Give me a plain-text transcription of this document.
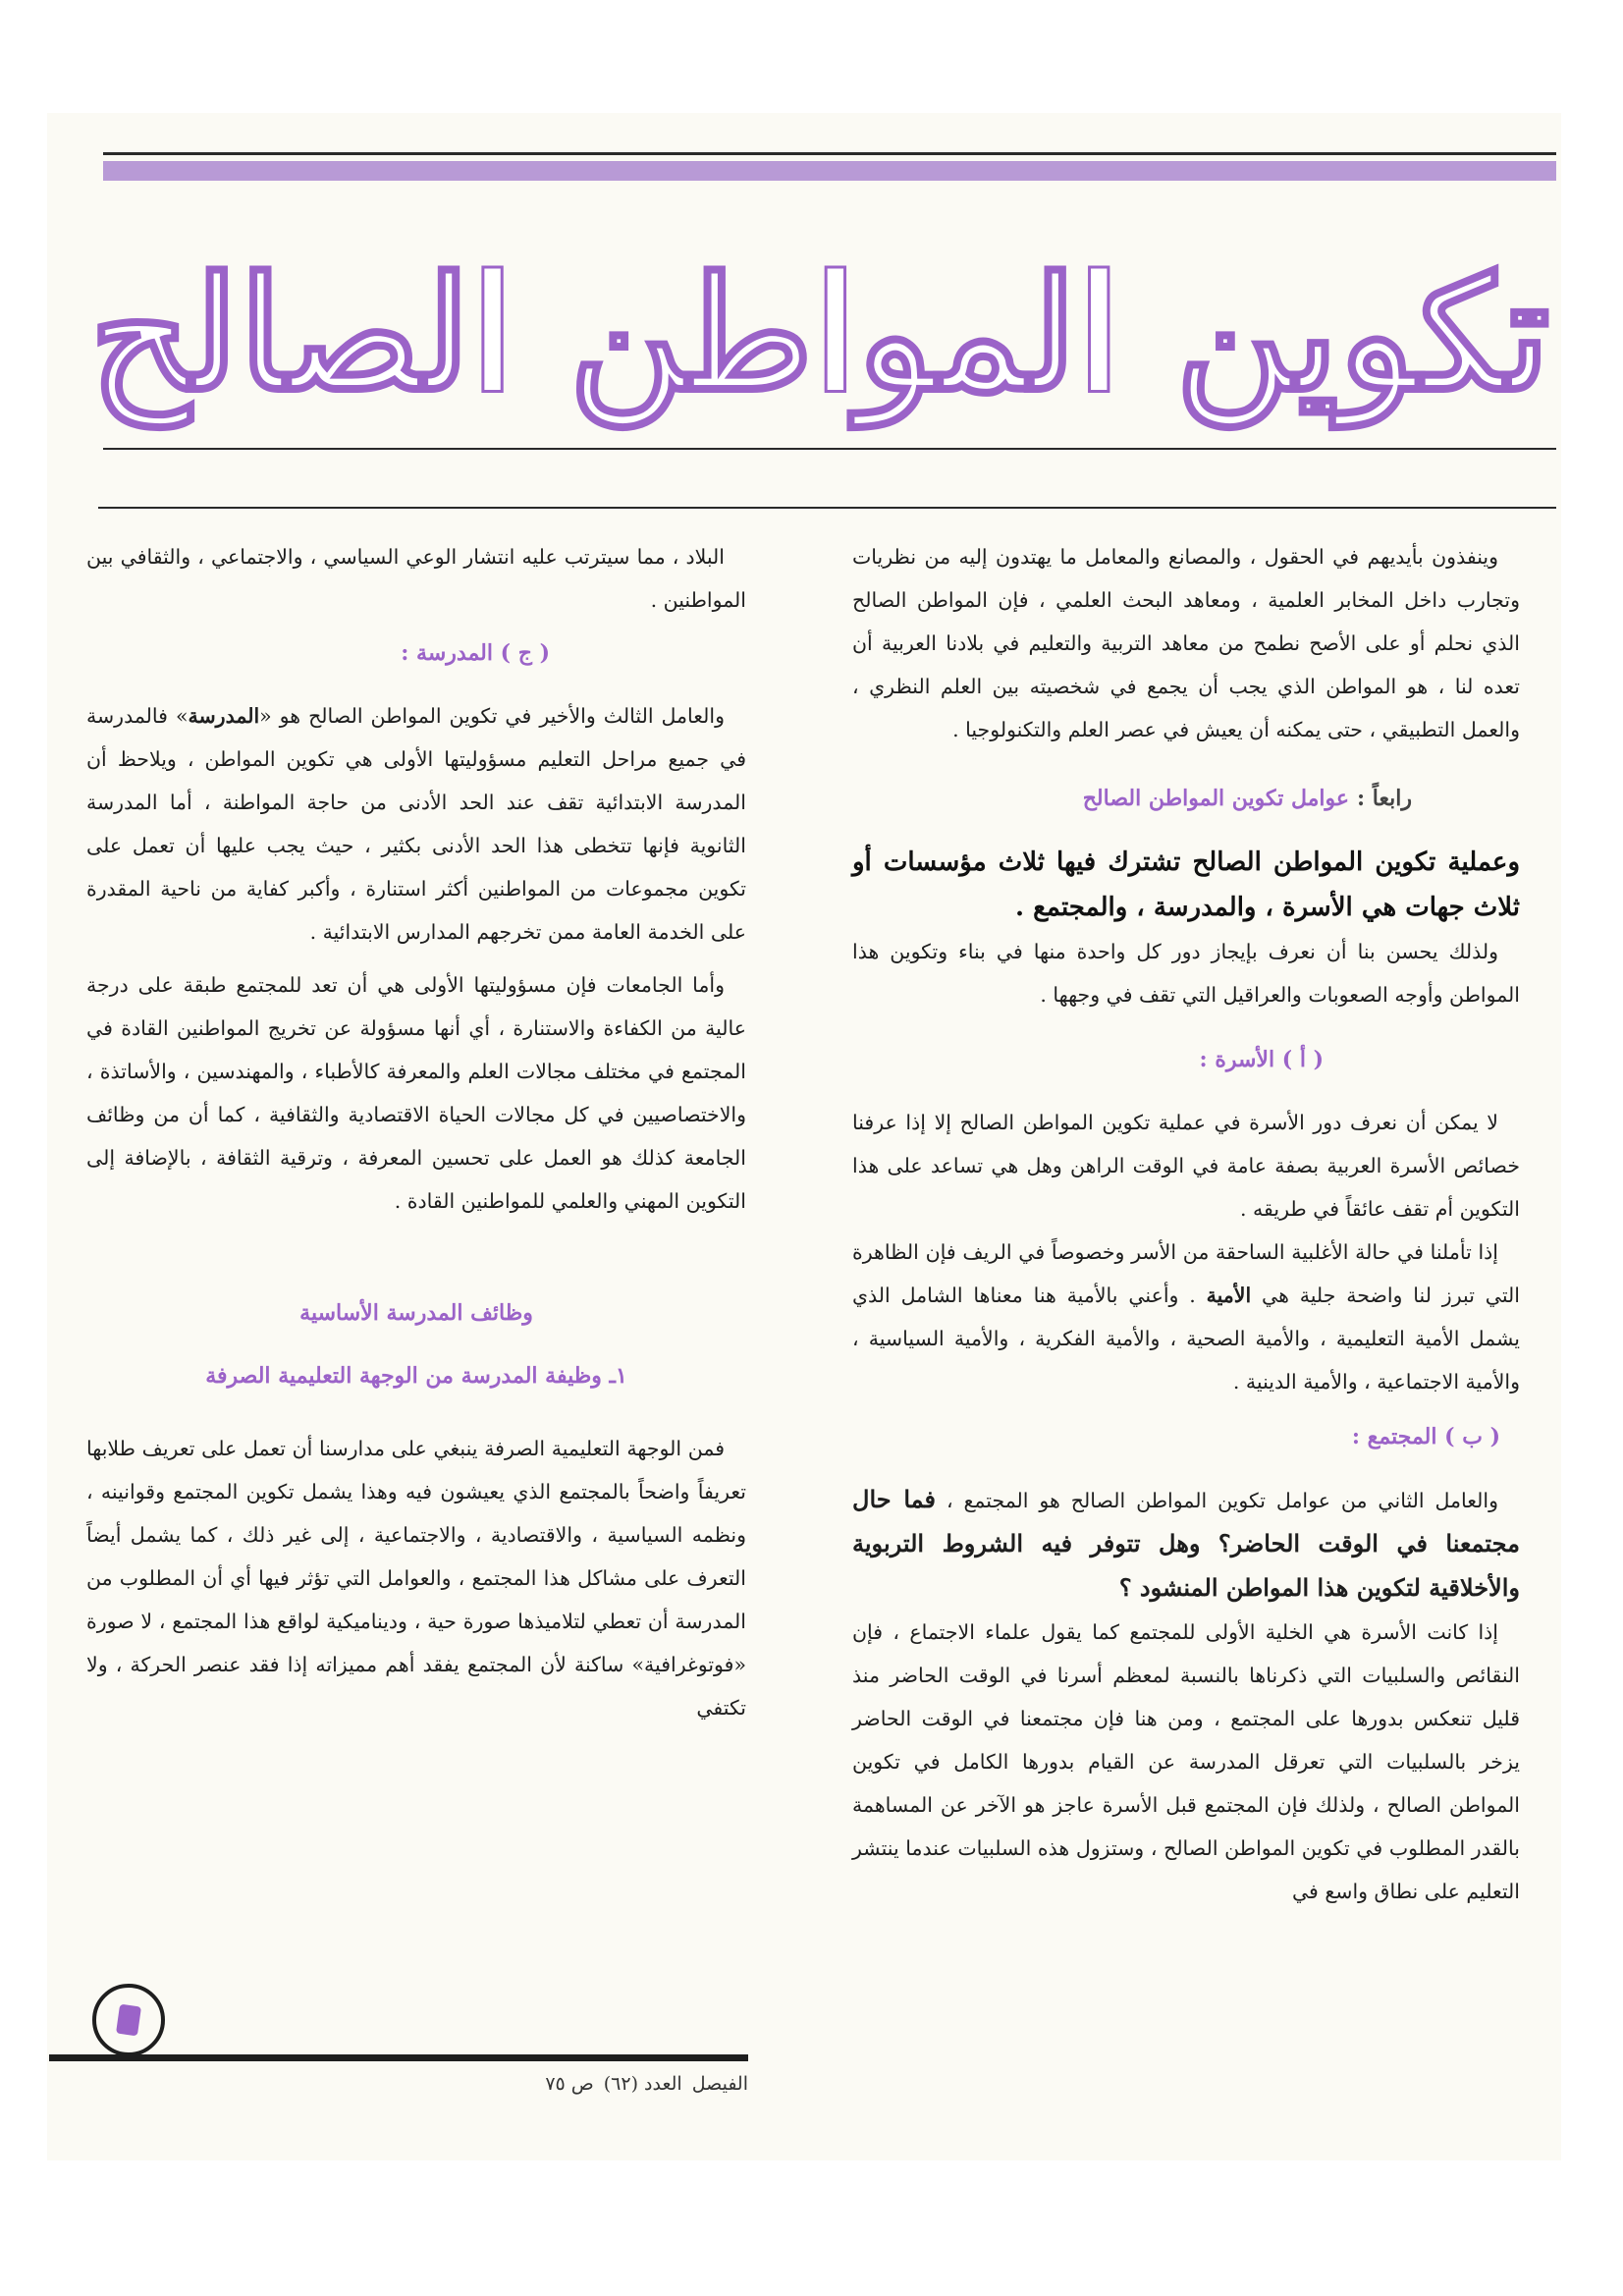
تكوين المواطن الصالح

وينفذون بأيديهم في الحقول ، والمصانع والمعامل ما يهتدون إليه من نظريات وتجارب داخل المخابر العلمية ، ومعاهد البحث العلمي ، فإن المواطن الصالح الذي نحلم أو على الأصح نطمح من معاهد التربية والتعليم في بلادنا العربية أن تعده لنا ، هو المواطن الذي يجب أن يجمع في شخصيته بين العلم النظري ، والعمل التطبيقي ، حتى يمكنه أن يعيش في عصر العلم والتكنولوجيا .

رابعاً :عوامل تكوين المواطن الصالح

وعملية تكوين المواطن الصالح تشترك فيها ثلاث مؤسسات أو ثلاث جهات هي الأسرة ، والمدرسة ، والمجتمع .

ولذلك يحسن بنا أن نعرف بإيجاز دور كل واحدة منها في بناء وتكوين هذا المواطن وأوجه الصعوبات والعراقيل التي تقف في وجهها .

( أ ) الأسرة :

لا يمكن أن نعرف دور الأسرة في عملية تكوين المواطن الصالح إلا إذا عرفنا خصائص الأسرة العربية بصفة عامة في الوقت الراهن وهل هي تساعد على هذا التكوين أم تقف عائقاً في طريقه .

إذا تأملنا في حالة الأغلبية الساحقة من الأسر وخصوصاً في الريف فإن الظاهرة التي تبرز لنا واضحة جلية هي الأمية . وأعني بالأمية هنا معناها الشامل الذي يشمل الأمية التعليمية ، والأمية الصحية ، والأمية الفكرية ، والأمية السياسية ، والأمية الاجتماعية ، والأمية الدينية .

( ب ) المجتمع :

والعامل الثاني من عوامل تكوين المواطن الصالح هو المجتمع ، فما حال مجتمعنا في الوقت الحاضر؟ وهل تتوفر فيه الشروط التربوية والأخلاقية لتكوين هذا المواطن المنشود ؟

إذا كانت الأسرة هي الخلية الأولى للمجتمع كما يقول علماء الاجتماع ، فإن النقائص والسلبيات التي ذكرناها بالنسبة لمعظم أسرنا في الوقت الحاضر منذ قليل تنعكس بدورها على المجتمع ، ومن هنا فإن مجتمعنا في الوقت الحاضر يزخر بالسلبيات التي تعرقل المدرسة عن القيام بدورها الكامل في تكوين المواطن الصالح ، ولذلك فإن المجتمع قبل الأسرة عاجز هو الآخر عن المساهمة بالقدر المطلوب في تكوين المواطن الصالح ، وستزول هذه السلبيات عندما ينتشر التعليم على نطاق واسع في

البلاد ، مما سيترتب عليه انتشار الوعي السياسي ، والاجتماعي ، والثقافي بين المواطنين .

( ج ) المدرسة :

والعامل الثالث والأخير في تكوين المواطن الصالح هو «المدرسة» فالمدرسة في جميع مراحل التعليم مسؤوليتها الأولى هي تكوين المواطن ، ويلاحظ أن المدرسة الابتدائية تقف عند الحد الأدنى من حاجة المواطنة ، أما المدرسة الثانوية فإنها تتخطى هذا الحد الأدنى بكثير ، حيث يجب عليها أن تعمل على تكوين مجموعات من المواطنين أكثر استنارة ، وأكبر كفاية من ناحية المقدرة على الخدمة العامة ممن تخرجهم المدارس الابتدائية .

وأما الجامعات فإن مسؤوليتها الأولى هي أن تعد للمجتمع طبقة على درجة عالية من الكفاءة والاستنارة ، أي أنها مسؤولة عن تخريج المواطنين القادة في المجتمع في مختلف مجالات العلم والمعرفة كالأطباء ، والمهندسين ، والأساتذة ، والاختصاصيين في كل مجالات الحياة الاقتصادية والثقافية ، كما أن من وظائف الجامعة كذلك هو العمل على تحسين المعرفة ، وترقية الثقافة ، بالإضافة إلى التكوين المهني والعلمي للمواطنين القادة .

وظائف المدرسة الأساسية
١ـ وظيفة المدرسة من الوجهة التعليمية الصرفة

فمن الوجهة التعليمية الصرفة ينبغي على مدارسنا أن تعمل على تعريف طلابها تعريفاً واضحاً بالمجتمع الذي يعيشون فيه وهذا يشمل تكوين المجتمع وقوانينه ، ونظمه السياسية ، والاقتصادية ، والاجتماعية ، إلى غير ذلك ، كما يشمل أيضاً التعرف على مشاكل هذا المجتمع ، والعوامل التي تؤثر فيها أي أن المطلوب من المدرسة أن تعطي لتلاميذها صورة حية ، وديناميكية لواقع هذا المجتمع ، لا صورة «فوتوغرافية» ساكنة لأن المجتمع يفقد أهم مميزاته إذا فقد عنصر الحركة ، ولا تكتفي

الفيصل
العدد (٦٢)
ص ٧٥
